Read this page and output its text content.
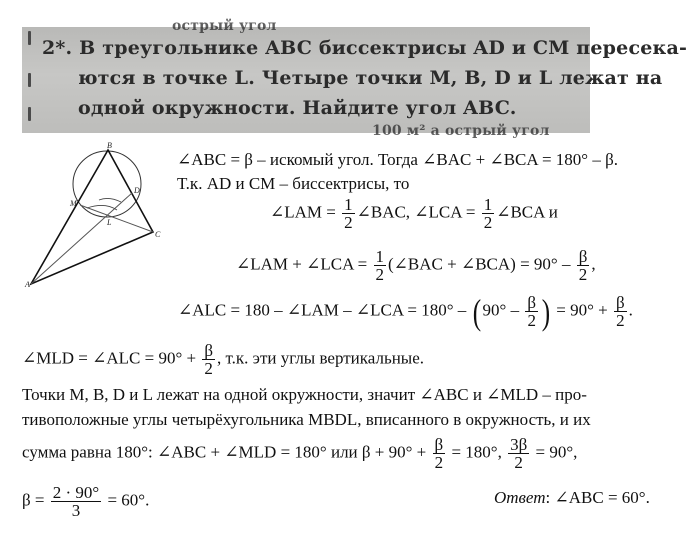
острый угол
2*. В треугольнике ABC биссектрисы AD и CM пересека-
ются в точке L. Четыре точки M, B, D и L лежат на
одной окружности. Найдите угол ABC.
100 м² a острый угол
A
B
C
D
M
L
∠ABC = β – искомый угол. Тогда ∠BAC + ∠BCA = 180° – β.
Т.к. AD и CM – биссектрисы, то
∠LAM = $\frac{1}{2}$ ∠BAC, ∠LCA = $\frac{1}{2}$ ∠BCA и
∠LAM + ∠LCA = $\frac{1}{2}$ (∠BAC + ∠BCA) = $90^\circ - \frac{\beta}{2}$ ,
∠ALC = 180 – ∠LAM – ∠LCA = 180° – ( $90^\circ - \frac{\beta}{2}$ ) = $90^\circ + \frac{\beta}{2}$ .
∠MLD = ∠ALC = $90^\circ + \frac{\beta}{2}$ , т.к. эти углы вертикальные.
Точки M, B, D и L лежат на одной окружности, значит ∠ABC и ∠MLD – про-
тивоположные углы четырёхугольника MBDL, вписанного в окружность, и их
сумма равна 180°: ∠ABC + ∠MLD = 180° или $\beta + 90^\circ + \frac{\beta}{2} = 180^\circ$, $\frac{3\beta}{2} = 90^\circ$,
$\beta = \frac{2 \cdot 90^\circ}{3} = 60^\circ$.	Ответ: ∠ABC = 60°.
